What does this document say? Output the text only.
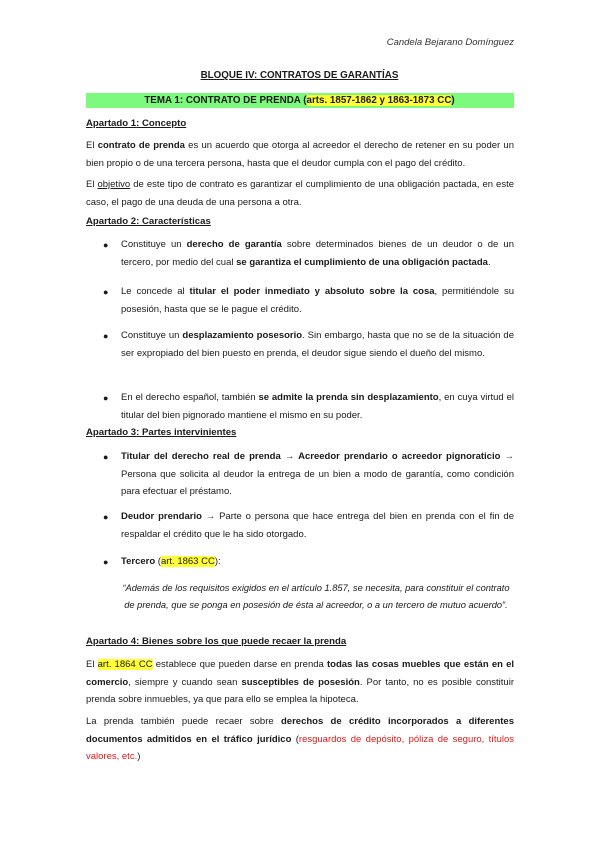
Candela Bejarano Domínguez
BLOQUE IV: CONTRATOS DE GARANTÍAS
TEMA 1: CONTRATO DE PRENDA (arts. 1857-1862 y 1863-1873 CC)
Apartado 1: Concepto

El contrato de prenda es un acuerdo que otorga al acreedor el derecho de retener en su poder un bien propio o de una tercera persona, hasta que el deudor cumpla con el pago del crédito.

El objetivo de este tipo de contrato es garantizar el cumplimiento de una obligación pactada, en este caso, el pago de una deuda de una persona a otra.

Apartado 2: Características
● Constituye un derecho de garantía sobre determinados bienes de un deudor o de un tercero, por medio del cual se garantiza el cumplimiento de una obligación pactada.
● Le concede al titular el poder inmediato y absoluto sobre la cosa, permitiéndole su posesión, hasta que se le pague el crédito.
● Constituye un desplazamiento posesorio. Sin embargo, hasta que no se de la situación de ser expropiado del bien puesto en prenda, el deudor sigue siendo el dueño del mismo.
● En el derecho español, también se admite la prenda sin desplazamiento, en cuya virtud el titular del bien pignorado mantiene el mismo en su poder.
Apartado 3: Partes intervinientes
● Titular del derecho real de prenda → Acreedor prendario o acreedor pignoraticio → Persona que solicita al deudor la entrega de un bien a modo de garantía, como condición para efectuar el préstamo.
● Deudor prendario → Parte o persona que hace entrega del bien en prenda con el fin de respaldar el crédito que le ha sido otorgado.
● Tercero (art. 1863 CC):
“Además de los requisitos exigidos en el artículo 1.857, se necesita, para constituir el contrato de prenda, que se ponga en posesión de ésta al acreedor, o a un tercero de mutuo acuerdo”.
Apartado 4: Bienes sobre los que puede recaer la prenda

El art. 1864 CC establece que pueden darse en prenda todas las cosas muebles que están en el comercio, siempre y cuando sean susceptibles de posesión. Por tanto, no es posible constituir prenda sobre inmuebles, ya que para ello se emplea la hipoteca.

La prenda también puede recaer sobre derechos de crédito incorporados a diferentes documentos admitidos en el tráfico jurídico (resguardos de depósito, póliza de seguro, títulos valores, etc.)
